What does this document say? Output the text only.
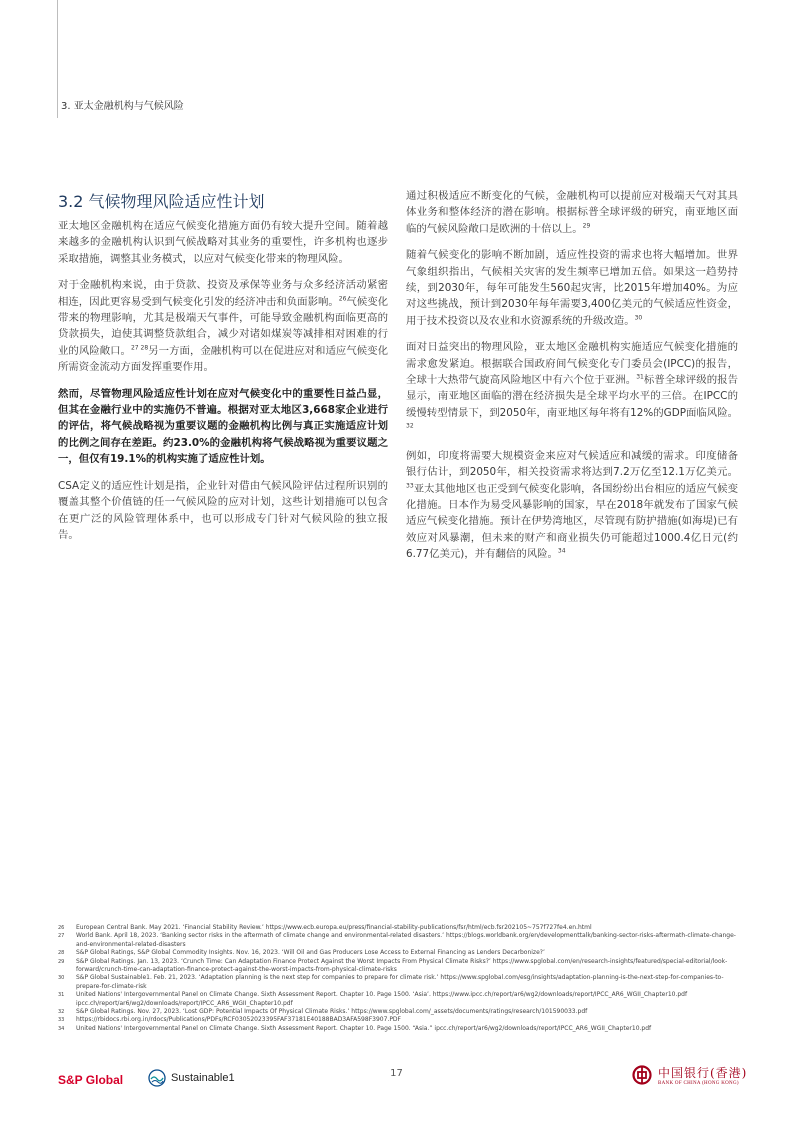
3. 亚太金融机构与气候风险
3.2 气候物理风险适应性计划

亚太地区金融机构在适应气候变化措施方面仍有较大提升空间。随着越来越多的金融机构认识到气候战略对其业务的重要性，许多机构也逐步采取措施，调整其业务模式，以应对气候变化带来的物理风险。

对于金融机构来说，由于贷款、投资及承保等业务与众多经济活动紧密相连，因此更容易受到气候变化引发的经济冲击和负面影响。$^{26}$气候变化带来的物理影响，尤其是极端天气事件，可能导致金融机构面临更高的贷款损失，迫使其调整贷款组合，减少对诸如煤炭等减排相对困难的行业的风险敞口。$^{27 28}$另一方面，金融机构可以在促进应对和适应气候变化所需资金流动方面发挥重要作用。

然而，尽管物理风险适应性计划在应对气候变化中的重要性日益凸显，但其在金融行业中的实施仍不普遍。根据对亚太地区3,668家企业进行的评估，将气候战略视为重要议题的金融机构比例与真正实施适应计划的比例之间存在差距。约23.0%的金融机构将气候战略视为重要议题之一，但仅有19.1%的机构实施了适应性计划。

CSA定义的适应性计划是指，企业针对借由气候风险评估过程所识别的覆盖其整个价值链的任一气候风险的应对计划，这些计划措施可以包含在更广泛的风险管理体系中，也可以形成专门针对气候风险的独立报告。

通过积极适应不断变化的气候，金融机构可以提前应对极端天气对其具体业务和整体经济的潜在影响。根据标普全球评级的研究，南亚地区面临的气候风险敞口是欧洲的十倍以上。$^{29}$

随着气候变化的影响不断加剧，适应性投资的需求也将大幅增加。世界气象组织指出，气候相关灾害的发生频率已增加五倍。如果这一趋势持续，到2030年，每年可能发生560起灾害，比2015年增加40%。为应对这些挑战，预计到2030年每年需要3,400亿美元的气候适应性资金，用于技术投资以及农业和水资源系统的升级改造。$^{30}$

面对日益突出的物理风险，亚太地区金融机构实施适应气候变化措施的需求愈发紧迫。根据联合国政府间气候变化专门委员会(IPCC)的报告，全球十大热带气旋高风险地区中有六个位于亚洲。$^{31}$标普全球评级的报告显示，南亚地区面临的潜在经济损失是全球平均水平的三倍。在IPCC的缓慢转型情景下，到2050年，南亚地区每年将有12%的GDP面临风险。$^{32}$

例如，印度将需要大规模资金来应对气候适应和减缓的需求。印度储备银行估计，到2050年，相关投资需求将达到7.2万亿至12.1万亿美元。$^{33}$亚太其他地区也正受到气候变化影响，各国纷纷出台相应的适应气候变化措施。日本作为易受风暴影响的国家，早在2018年就发布了国家气候适应气候变化措施。预计在伊势湾地区，尽管现有防护措施(如海堤)已有效应对风暴潮，但未来的财产和商业损失仍可能超过1000.4亿日元(约6.77亿美元)，并有翻倍的风险。$^{34}$

26	European Central Bank. May 2021. ‘Financial Stability Review.’ https://www.ecb.europa.eu/press/financial-stability-publications/fsr/html/ecb.fsr202105~757f727fe4.en.html
27	World Bank. April 18, 2023. ‘Banking sector risks in the aftermath of climate change and environmental-related disasters.’ https://blogs.worldbank.org/en/developmenttalk/banking-sector-risks-aftermath-climate-change-and-environmental-related-disasters
28	S&P Global Ratings, S&P Global Commodity Insights. Nov. 16, 2023. ‘Will Oil and Gas Producers Lose Access to External Financing as Lenders Decarbonize?’
29	S&P Global Ratings. Jan. 13, 2023. ‘Crunch Time: Can Adaptation Finance Protect Against the Worst Impacts From Physical Climate Risks?’ https://www.spglobal.com/en/research-insights/featured/special-editorial/look-forward/crunch-time-can-adaptation-finance-protect-against-the-worst-impacts-from-physical-climate-risks
30	S&P Global Sustainable1. Feb. 21, 2023. ‘Adaptation planning is the next step for companies to prepare for climate risk.’ https://www.spglobal.com/esg/insights/adaptation-planning-is-the-next-step-for-companies-to-prepare-for-climate-risk
31	United Nations' Intergovernmental Panel on Climate Change. Sixth Assessment Report. Chapter 10. Page 1500. ‘Asia’. https://www.ipcc.ch/report/ar6/wg2/downloads/report/IPCC_AR6_WGII_Chapter10.pdf ipcc.ch/report/ar6/wg2/downloads/report/IPCC_AR6_WGII_Chapter10.pdf
32	S&P Global Ratings. Nov. 27, 2023. ‘Lost GDP: Potential Impacts Of Physical Climate Risks.’ https://www.spglobal.com/_assets/documents/ratings/research/101590033.pdf
33	https://rbidocs.rbi.org.in/rdocs/Publications/PDFs/RCF03052023395FAF37181E40188BAD3AFA598F3907.PDF
34	United Nations' Intergovernmental Panel on Climate Change. Sixth Assessment Report. Chapter 10. Page 1500. “Asia.” ipcc.ch/report/ar6/wg2/downloads/report/IPCC_AR6_WGII_Chapter10.pdf
S&P Global	Sustainable1	17	中国银行(香港)
BANK OF CHINA (HONG KONG)
